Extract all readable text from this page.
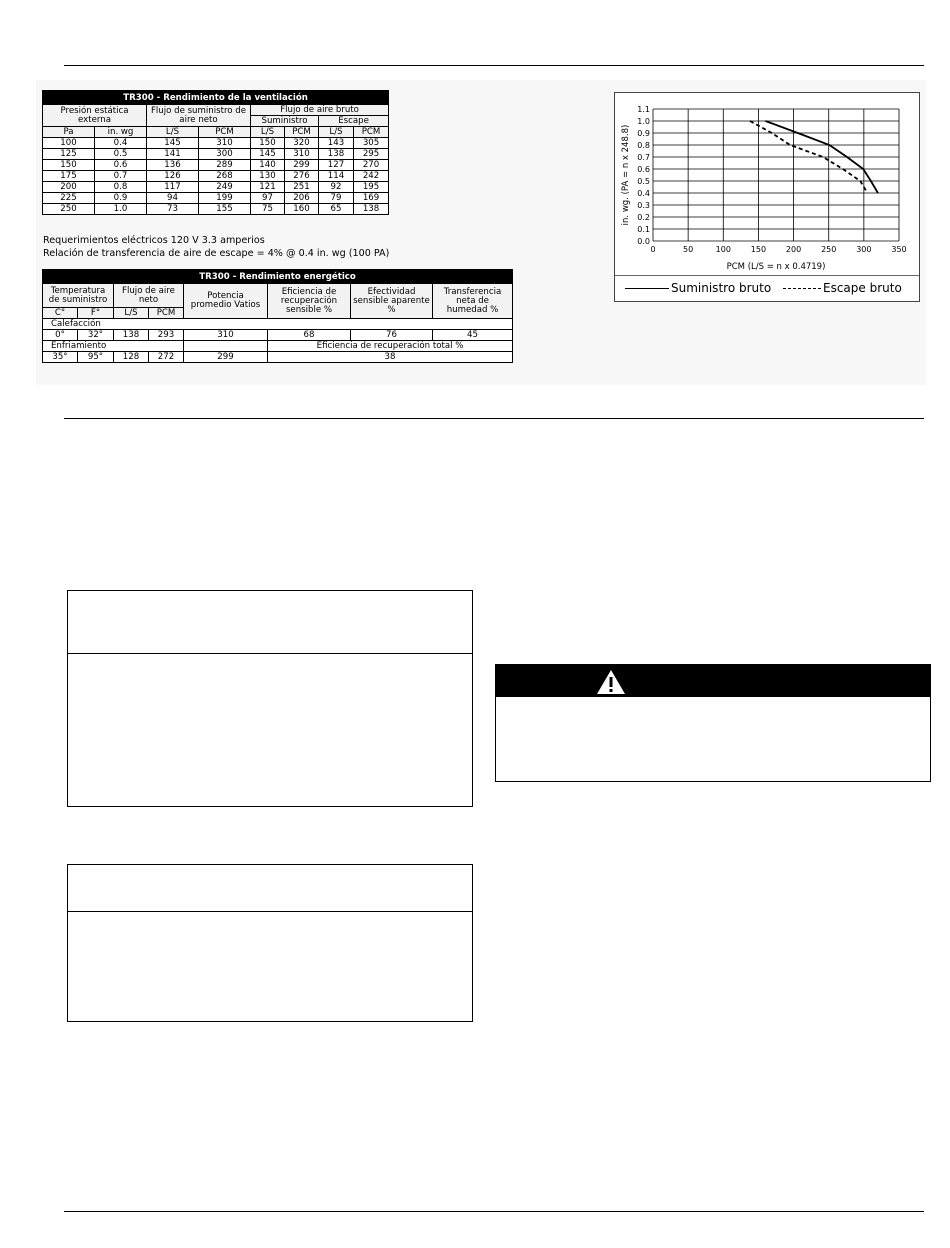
TR300 - Rendimiento de la ventilación							
Presión estática externa		Flujo de suministro de aire neto		Flujo de aire bruto			
				Suministro		Escape	
Pa	in. wg	L/S	PCM	L/S	PCM	L/S	PCM
100	0.4	145	310	150	320	143	305
125	0.5	141	300	145	310	138	295
150	0.6	136	289	140	299	127	270
175	0.7	126	268	130	276	114	242
200	0.8	117	249	121	251	92	195
225	0.9	94	199	97	206	79	169
250	1.0	73	155	75	160	65	138
Requerimientos eléctricos 120 V 3.3 amperios
Relación de transferencia de aire de escape = 4% @ 0.4 in. wg (100 PA)
TR300 - Rendimiento energético							
Temperatura de suministro		Flujo de aire neto		Potencia promedio Vatios	Eficiencia de recuperación sensible %	Efectividad sensible aparente %	Transferencia neta de humedad %
C°	F°	L/S	PCM				
Calefacción							
0°	32°	138	293	310	68	76	45
Enfriamiento					Eficiencia de recuperación total %		
35°	95°	128	272	299	38		
0	50	100 150 200 250 300 350
0.0
0.1
0.2
0.3
0.4
0.5
0.6
0.7
0.8
0.9
1.0
1.1
PCM (L/S = n x 0.4719)
in. wg. (PA = n x 248.8)
Suministro bruto	Escape bruto
